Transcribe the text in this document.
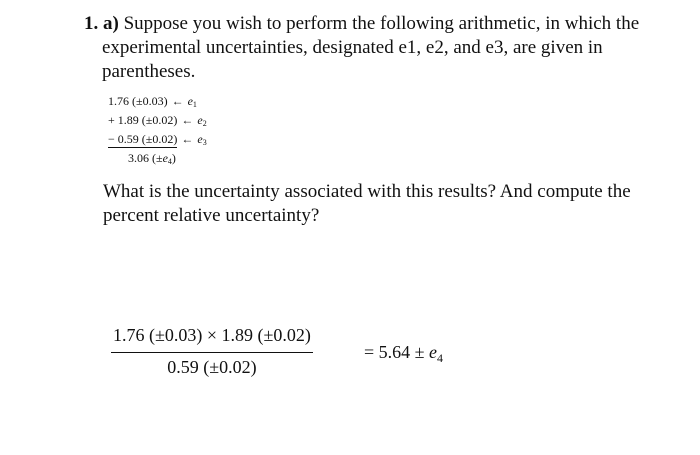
1. a) Suppose you wish to perform the following arithmetic, in which the experimental uncertainties, designated e1, e2, and e3, are given in parentheses.
1.76 (±0.03) ← $e_1$
+ 1.89 (±0.02) ← $e_2$
− 0.59 (±0.02) ← $e_3$
3.06 $(\pm e_4)$
What is the uncertainty associated with this results? And compute the percent relative uncertainty?
$\frac{1.76 (\pm 0.03) \times 1.89 (\pm 0.02)}{0.59 (\pm 0.02)}$	= $5.64 \pm e_4$
